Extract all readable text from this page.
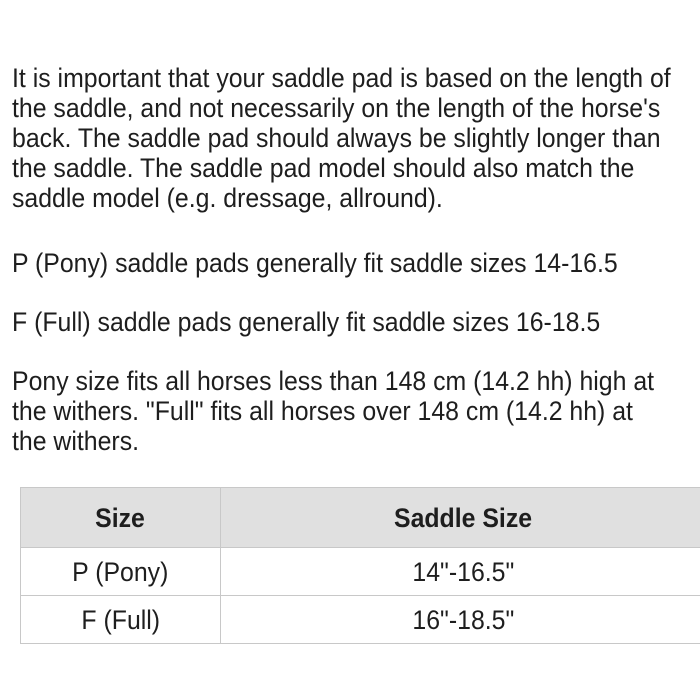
It is important that your saddle pad is based on the length of the saddle, and not necessarily on the length of the horse's back. The saddle pad should always be slightly longer than the saddle. The saddle pad model should also match the saddle model (e.g. dressage, allround).

P (Pony) saddle pads generally fit saddle sizes 14-16.5

F (Full) saddle pads generally fit saddle sizes 16-18.5

Pony size fits all horses less than 148 cm (14.2 hh) high at the withers. "Full" fits all horses over 148 cm (14.2 hh) at the withers.

Size	Saddle Size
P (Pony)	14"-16.5"
F (Full)	16"-18.5"
